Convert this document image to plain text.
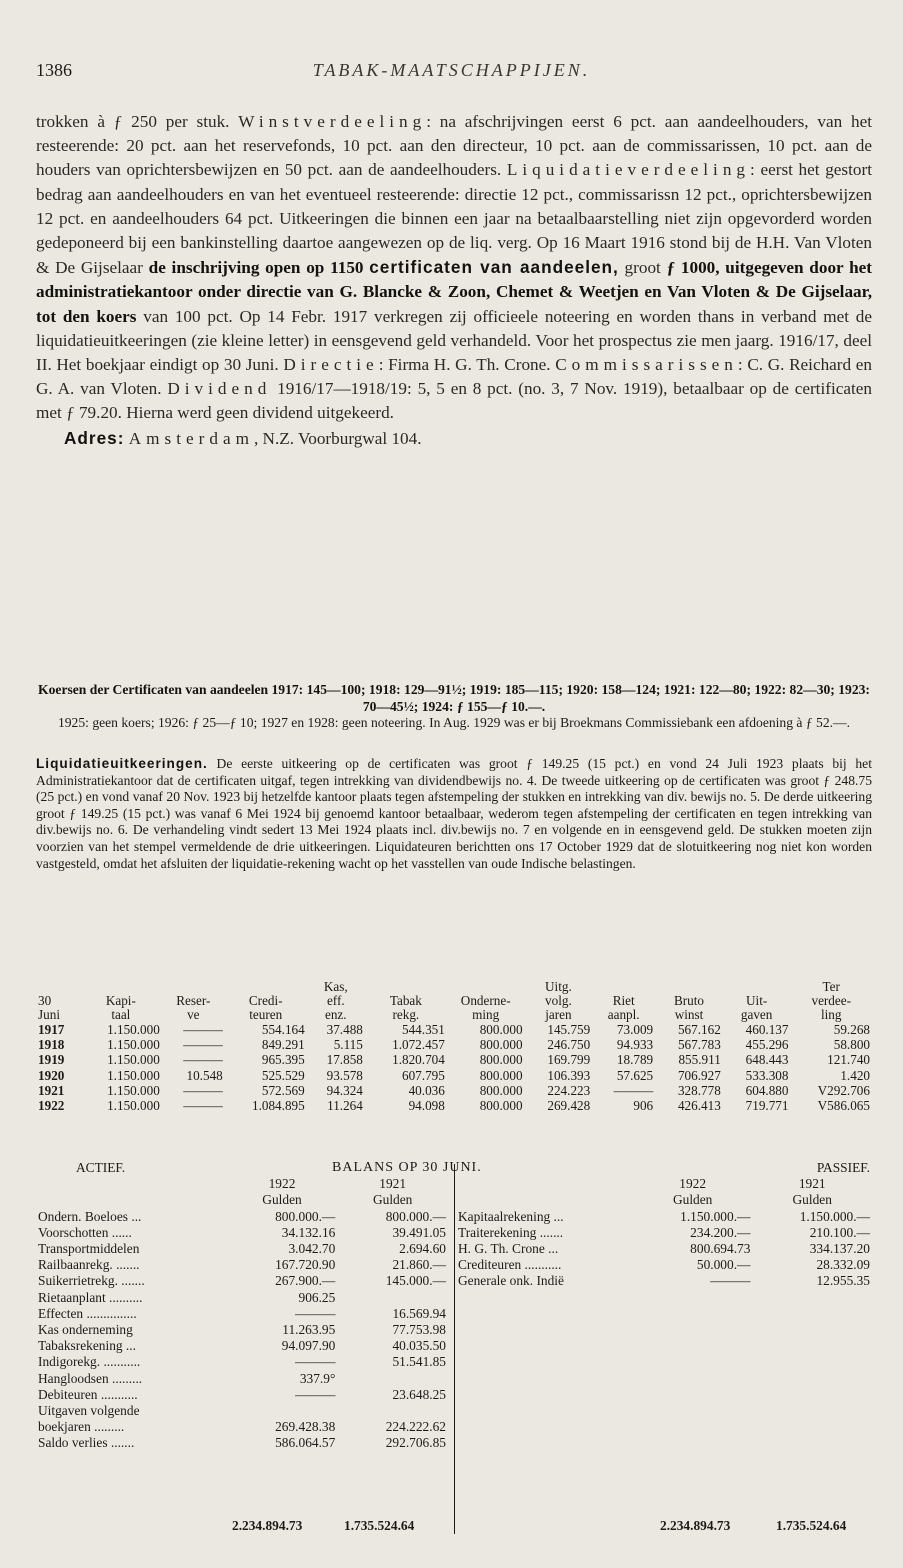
1386	TABAK-MAATSCHAPPIJEN.

trokken à ƒ 250 per stuk. Winstverdeeling: na afschrijvingen eerst 6 pct. aan aandeelhouders, van het resteerende: 20 pct. aan het reservefonds, 10 pct. aan den directeur, 10 pct. aan de commissarissen, 10 pct. aan de houders van oprichtersbewijzen en 50 pct. aan de aandeelhouders. Liquidatieverdeeling: eerst het gestort bedrag aan aandeelhouders en van het eventueel resteerende: directie 12 pct., commissarissn 12 pct., oprichtersbewijzen 12 pct. en aandeelhouders 64 pct. Uitkeeringen die binnen een jaar na betaalbaarstelling niet zijn opgevorderd worden gedeponeerd bij een bankinstelling daartoe aangewezen op de liq. verg. Op 16 Maart 1916 stond bij de H.H. Van Vloten & De Gijselaar de inschrijving open op 1150 certificaten van aandeelen, groot ƒ 1000, uitgegeven door het administratiekantoor onder directie van G. Blancke & Zoon, Chemet & Weetjen en Van Vloten & De Gijselaar, tot den koers van 100 pct. Op 14 Febr. 1917 verkregen zij officieele noteering en worden thans in verband met de liquidatieuitkeeringen (zie kleine letter) in eensgevend geld verhandeld. Voor het prospectus zie men jaarg. 1916/17, deel II. Het boekjaar eindigt op 30 Juni. Directie: Firma H. G. Th. Crone. Commissarissen: C. G. Reichard en G. A. van Vloten. Dividend 1916/17—1918/19: 5, 5 en 8 pct. (no. 3, 7 Nov. 1919), betaalbaar op de certificaten met ƒ 79.20. Hierna werd geen dividend uitgekeerd.

Adres: Amsterdam, N.Z. Voorburgwal 104.

Koersen der Certificaten van aandeelen 1917: 145—100; 1918: 129—91½; 1919: 185—115; 1920: 158—124; 1921: 122—80; 1922: 82—30; 1923: 70—45½; 1924: ƒ 155—ƒ 10.—.

1925: geen koers; 1926: ƒ 25—ƒ 10; 1927 en 1928: geen noteering. In Aug. 1929 was er bij Broekmans Commissiebank een afdoening à ƒ 52.—.

Liquidatieuitkeeringen. De eerste uitkeering op de certificaten was groot ƒ 149.25 (15 pct.) en vond 24 Juli 1923 plaats bij het Administratiekantoor dat de certificaten uitgaf, tegen intrekking van dividendbewijs no. 4. De tweede uitkeering op de certificaten was groot ƒ 248.75 (25 pct.) en vond vanaf 20 Nov. 1923 bij hetzelfde kantoor plaats tegen afstempeling der stukken en intrekking van div. bewijs no. 5. De derde uitkeering groot ƒ 149.25 (15 pct.) was vanaf 6 Mei 1924 bij genoemd kantoor betaalbaar, wederom tegen afstempeling der certificaten en tegen intrekking van div.bewijs no. 6. De verhandeling vindt sedert 13 Mei 1924 plaats incl. div.bewijs no. 7 en volgende en in eensgevend geld. De stukken moeten zijn voorzien van het stempel vermeldende de drie uitkeeringen. Liquidateuren berichtten ons 17 October 1929 dat de slotuitkeering nog niet kon worden vastgesteld, omdat het afsluiten der liquidatie-rekening wacht op het vasstellen van oude Indische belastingen.

				Kas,			Uitg.				Ter
30	Kapi-	Reser-	Credi-	eff.	Tabak	Onderne-	volg.	Riet	Bruto	Uit-	verdee-
Juni	taal	ve	teuren	enz.	rekg.	ming	jaren	aanpl.	winst	gaven	ling
1917	1.150.000	———	554.164	37.488	544.351	800.000	145.759	73.009	567.162	460.137	59.268
1918	1.150.000	———	849.291	5.115	1.072.457	800.000	246.750	94.933	567.783	455.296	58.800
1919	1.150.000	———	965.395	17.858	1.820.704	800.000	169.799	18.789	855.911	648.443	121.740
1920	1.150.000	10.548	525.529	93.578	607.795	800.000	106.393	57.625	706.927	533.308	1.420
1921	1.150.000	———	572.569	94.324	40.036	800.000	224.223	———	328.778	604.880	V292.706
1922	1.150.000	———	1.084.895	11.264	94.098	800.000	269.428	906	426.413	719.771	V586.065
ACTIEF.		
	1922	1921
	Gulden	Gulden
Ondern. Boeloes ...	800.000.—	800.000.—
Voorschotten ......	34.132.16	39.491.05
Transportmiddelen	3.042.70	2.694.60
Railbaanrekg. .......	167.720.90	21.860.—
Suikerrietrekg. .......	267.900.—	145.000.—
Rietaanplant ..........	906.25	
Effecten ...............	———	16.569.94
Kas onderneming	11.263.95	77.753.98
Tabaksrekening ...	94.097.90	40.035.50
Indigorekg. ...........	———	51.541.85
Hangloodsen .........	337.9°	
Debiteuren ...........	———	23.648.25
Uitgaven volgende		
boekjaren .........	269.428.38	224.222.62
Saldo verlies .......	586.064.57	292.706.85
BALANS OP 30 JUNI.
			PASSIEF.
	1922	1921
	Gulden	Gulden
Kapitaalrekening ...	1.150.000.—	1.150.000.—
Traiterekening .......	234.200.—	210.100.—
H. G. Th. Crone ...	800.694.73	334.137.20
Crediteuren ...........	50.000.—	28.332.09
Generale onk. Indië	———	12.955.35
2.234.894.73	1.735.524.64	2.234.894.73	1.735.524.64
